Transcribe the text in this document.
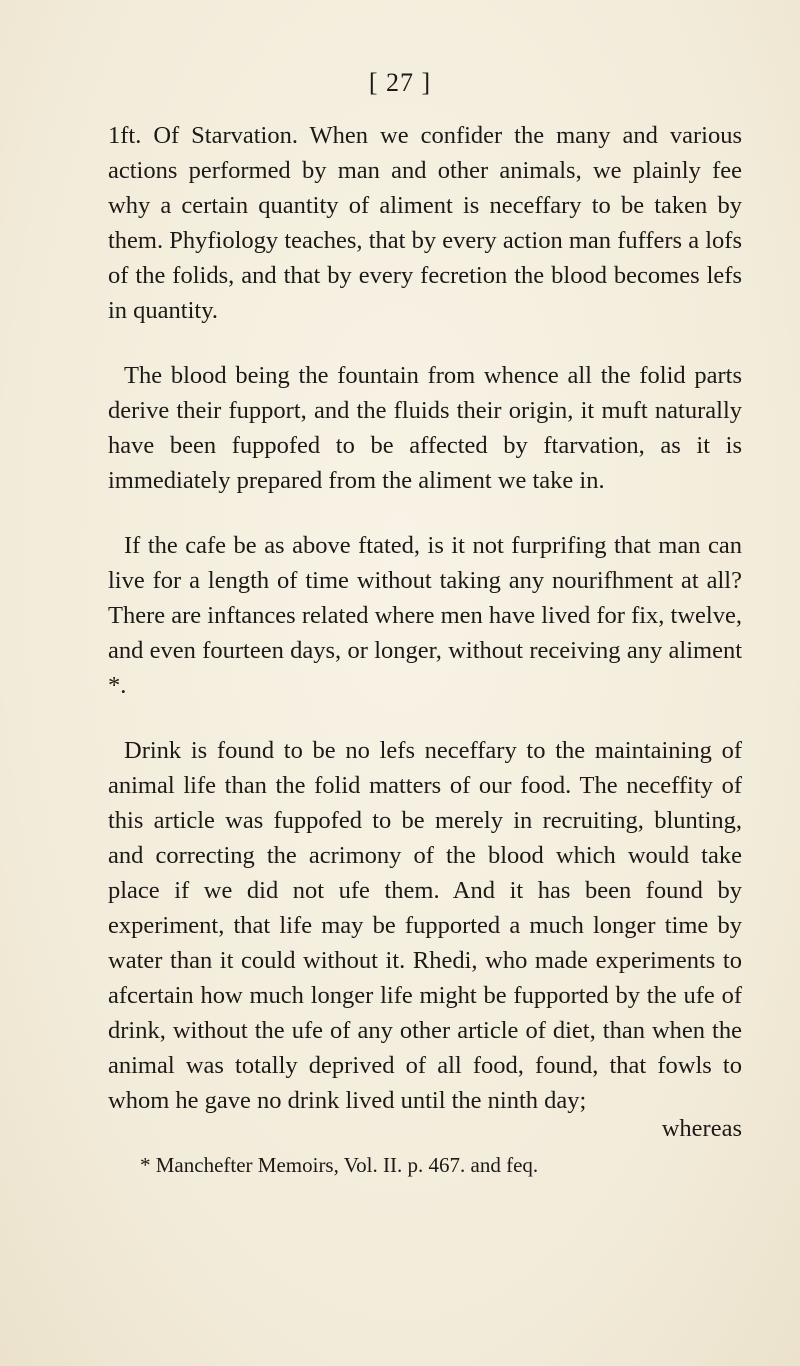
[ 27 ]

1ft. Of Starvation. When we confider the many and various actions performed by man and other animals, we plainly fee why a certain quantity of aliment is neceffary to be taken by them. Phyfiology teaches, that by every action man fuffers a lofs of the folids, and that by every fecretion the blood becomes lefs in quantity.

The blood being the fountain from whence all the folid parts derive their fupport, and the fluids their origin, it muft naturally have been fuppofed to be affected by ftarvation, as it is immediately prepared from the aliment we take in.

If the cafe be as above ftated, is it not furprifing that man can live for a length of time without taking any nourifhment at all? There are inftances related where men have lived for fix, twelve, and even fourteen days, or longer, without receiving any aliment *.

Drink is found to be no lefs neceffary to the maintaining of animal life than the folid matters of our food. The neceffity of this article was fuppofed to be merely in recruiting, blunting, and correcting the acrimony of the blood which would take place if we did not ufe them. And it has been found by experiment, that life may be fupported a much longer time by water than it could without it. Rhedi, who made experiments to afcertain how much longer life might be fupported by the ufe of drink, without the ufe of any other article of diet, than when the animal was totally deprived of all food, found, that fowls to whom he gave no drink lived until the ninth day;

whereas
* Manchefter Memoirs, Vol. II. p. 467. and feq.
